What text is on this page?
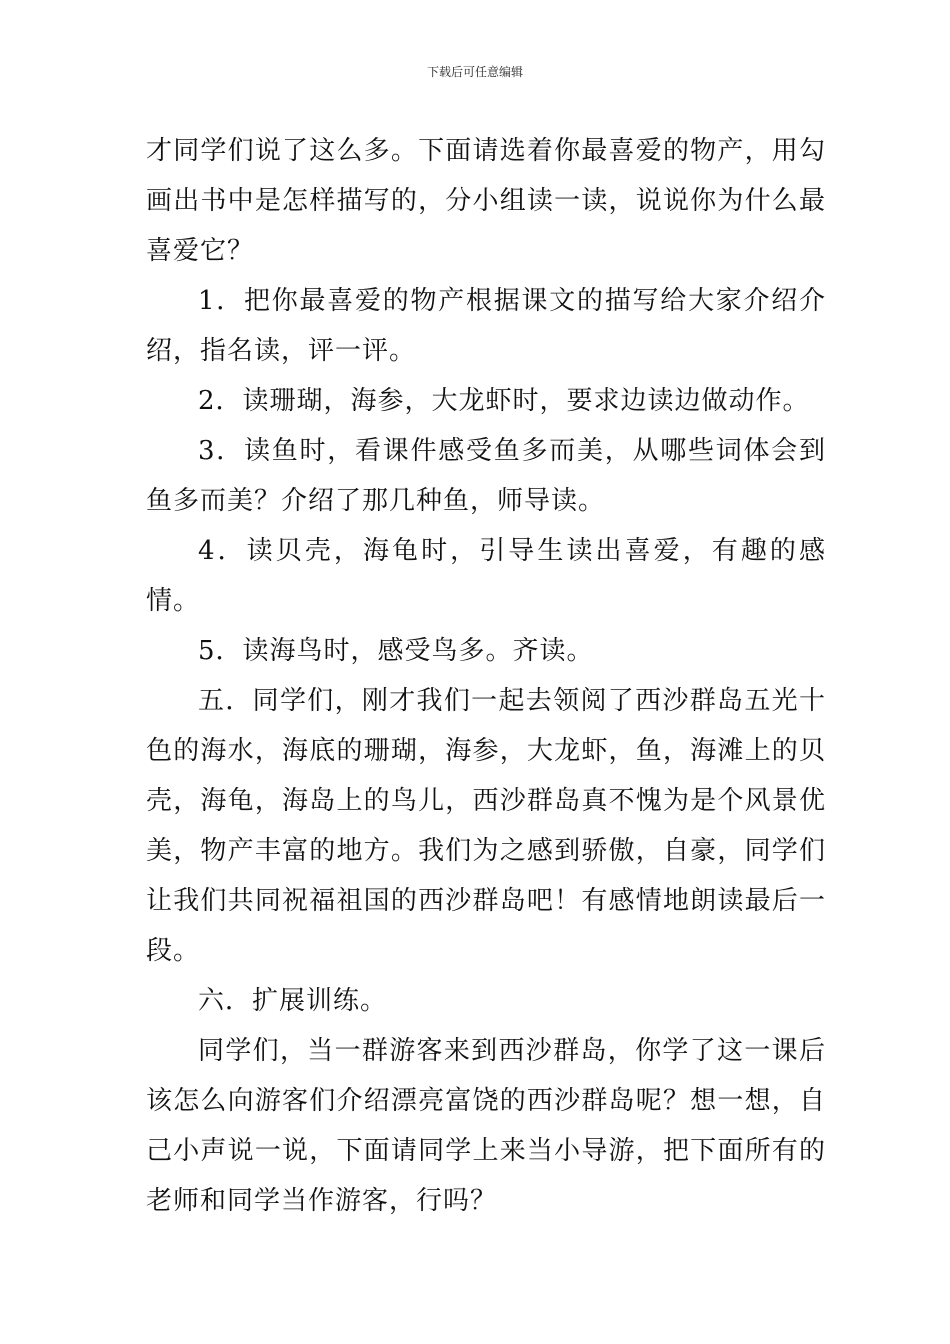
下载后可任意编辑

才同学们说了这么多。下面请选着你最喜爱的物产，用勾画出书中是怎样描写的，分小组读一读，说说你为什么最喜爱它？

1．把你最喜爱的物产根据课文的描写给大家介绍介绍，指名读，评一评。

2．读珊瑚，海参，大龙虾时，要求边读边做动作。

3．读鱼时，看课件感受鱼多而美，从哪些词体会到鱼多而美？介绍了那几种鱼，师导读。

4．读贝壳，海龟时，引导生读出喜爱，有趣的感情。

5．读海鸟时，感受鸟多。齐读。

五．同学们，刚才我们一起去领阅了西沙群岛五光十色的海水，海底的珊瑚，海参，大龙虾，鱼，海滩上的贝壳，海龟，海岛上的鸟儿，西沙群岛真不愧为是个风景优美，物产丰富的地方。我们为之感到骄傲，自豪，同学们让我们共同祝福祖国的西沙群岛吧！有感情地朗读最后一段。

六．扩展训练。

同学们，当一群游客来到西沙群岛，你学了这一课后该怎么向游客们介绍漂亮富饶的西沙群岛呢？想一想，自己小声说一说，下面请同学上来当小导游，把下面所有的老师和同学当作游客，行吗？
